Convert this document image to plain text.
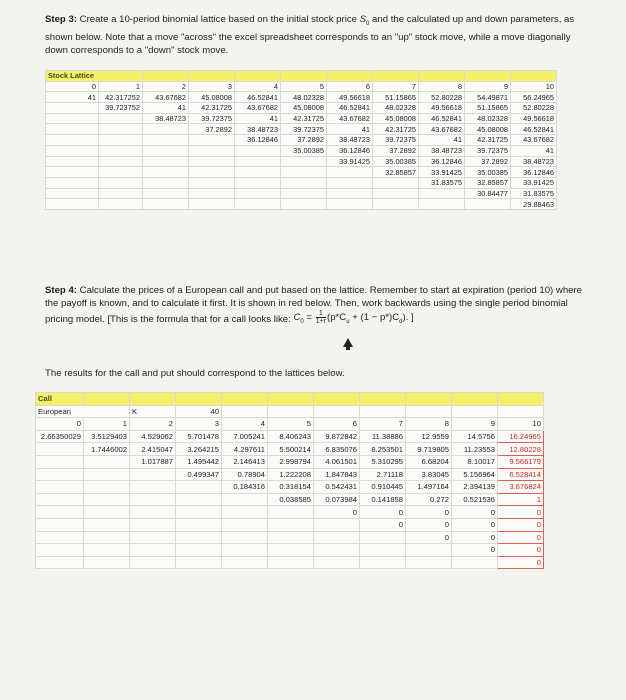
Step 3: Create a 10-period binomial lattice based on the initial stock price $S_0$ and the calculated up and down parameters, as shown below. Note that a move "across" the excel spreadsheet corresponds to an "up" stock move, while a move diagonally down corresponds to a "down" stock move.
Stock Lattice										
0	1	2	3	4	5	6	7	8	9	10
41	42.317252	43.67682	45.08008	46.52841	48.02328	49.56618	51.15865	52.80228	54.49871	56.24965
	39.723752	41	42.31725	43.67682	45.08008	46.52841	48.02328	49.56618	51.15865	52.80228
		38.48723	39.72375	41	42.31725	43.67682	45.08008	46.52841	48.02328	49.56618
			37.2892	38.48723	39.72375	41	42.31725	43.67682	45.08008	46.52841
				36.12846	37.2892	38.48723	39.72375	41	42.31725	43.67682
					35.00385	36.12846	37.2892	38.48723	39.72375	41
						33.91425	35.00385	36.12846	37.2892	38.48723
							32.85857	33.91425	35.00385	36.12846
								31.83575	32.85857	33.91425
									30.84477	31.83575
										29.88463
Step 4: Calculate the prices of a European call and put based on the lattice. Remember to start at expiration (period 10) where the payoff is known, and to calculate it first. It is shown in red below. Then, work backwards using the single period binomial pricing model. [This is the formula that for a call looks like: $C_0 = \frac{1}{1+r} (p*C_u + (1 - p*)C_d)$. ]
The results for the call and put should correspond to the lattices below.
Call										
European		K	40							
0	1	2	3	4	5	6	7	8	9	10
2.66350029	3.5129403	4.529062	5.701478	7.005241	8.406243	9.872842	11.38886	12.9559	14.5756	16.24965
	1.7446002	2.415047	3.264215	4.297611	5.500214	6.835076	8.253501	9.719805	11.23553	12.80228
		1.017887	1.495442	2.146413	2.998794	4.061501	5.310295	6.68204	8.10017	9.566179
			0.499347	0.78904	1.222208	1.847843	2.71118	3.83045	5.156964	6.528414
				0.184316	0.318154	0.542431	0.910445	1.497164	2.394139	3.676824
					0.038585	0.073984	0.141858	0.272	0.521536	1
						0	0	0	0	0
							0	0	0	0
								0	0	0
									0	0
										0
